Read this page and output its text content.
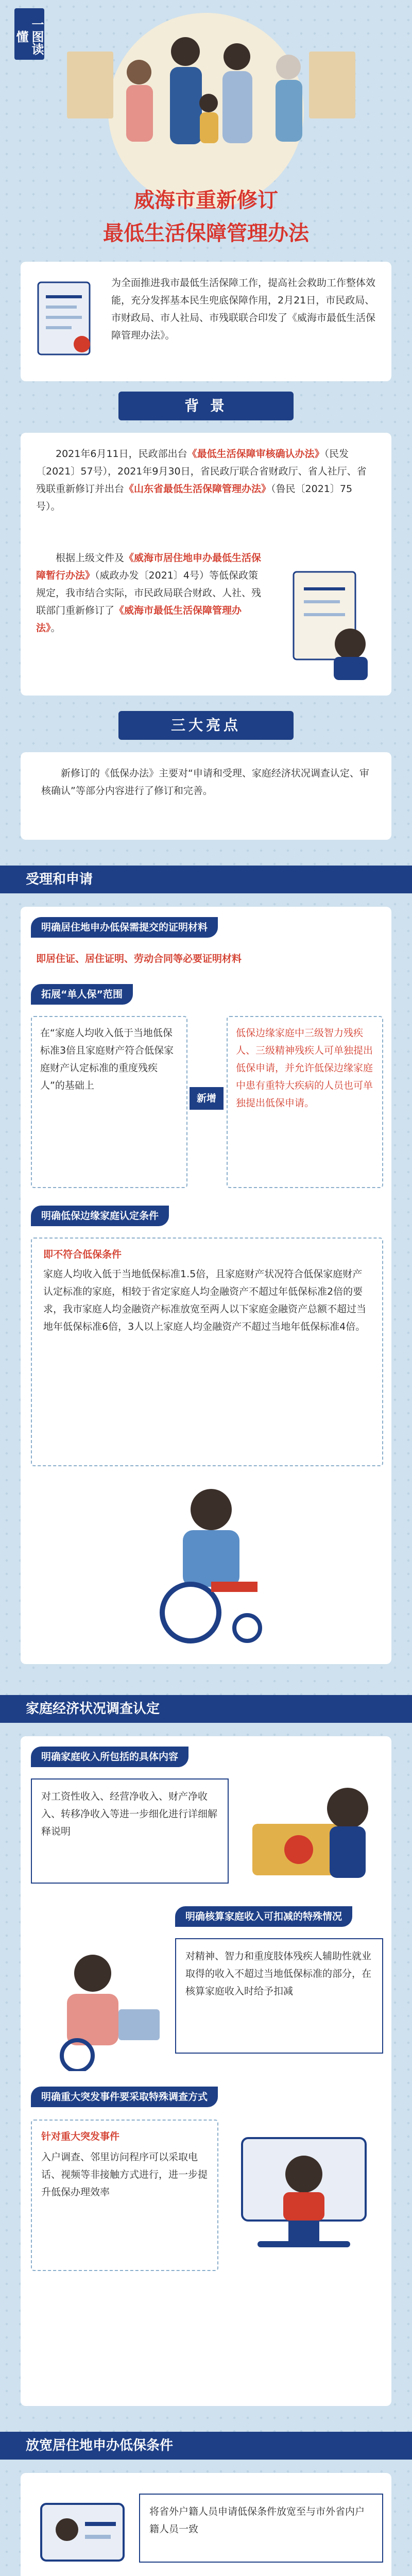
一图读懂
威海市重新修订
最低生活保障管理办法
为全面推进我市最低生活保障工作，提高社会救助工作整体效能，充分发挥基本民生兜底保障作用，2月21日，市民政局、市财政局、市人社局、市残联联合印发了《威海市最低生活保障管理办法》。
背 景
2021年6月11日，民政部出台《最低生活保障审核确认办法》（民发〔2021〕57号），2021年9月30日，省民政厅联合省财政厅、省人社厅、省残联重新修订并出台《山东省最低生活保障管理办法》（鲁民〔2021〕75号）。
根据上级文件及《威海市居住地申办最低生活保障暂行办法》（威政办发〔2021〕4号）等低保政策规定，我市结合实际，市民政局联合财政、人社、残联部门重新修订了《威海市最低生活保障管理办法》。
三大亮点
新修订的《低保办法》主要对“申请和受理、家庭经济状况调查认定、审核确认”等部分内容进行了修订和完善。
受理和申请
明确居住地申办低保需提交的证明材料
即居住证、居住证明、劳动合同等必要证明材料
拓展“单人保”范围
在“家庭人均收入低于当地低保标准3倍且家庭财产符合低保家庭财产认定标准的重度残疾人”的基础上
新增
低保边缘家庭中三级智力残疾人、三级精神残疾人可单独提出低保申请，并允许低保边缘家庭中患有重特大疾病的人员也可单独提出低保申请。
明确低保边缘家庭认定条件
即不符合低保条件
家庭人均收入低于当地低保标准1.5倍，且家庭财产状况符合低保家庭财产认定标准的家庭，相较于省定家庭人均金融资产不超过年低保标准2倍的要求，我市家庭人均金融资产标准放宽至两人以下家庭金融资产总额不超过当地年低保标准6倍，3人以上家庭人均金融资产不超过当地年低保标准4倍。
家庭经济状况调查认定
明确家庭收入所包括的具体内容
对工资性收入、经营净收入、财产净收入、转移净收入等进一步细化进行详细解释说明
明确核算家庭收入可扣减的特殊情况
对精神、智力和重度肢体残疾人辅助性就业取得的收入不超过当地低保标准的部分，在核算家庭收入时给予扣减
明确重大突发事件要采取特殊调查方式
针对重大突发事件
入户调查、邻里访问程序可以采取电话、视频等非接触方式进行，进一步提升低保办理效率
放宽居住地申办低保条件
将省外户籍人员申请低保条件放宽至与市外省内户籍人员一致
